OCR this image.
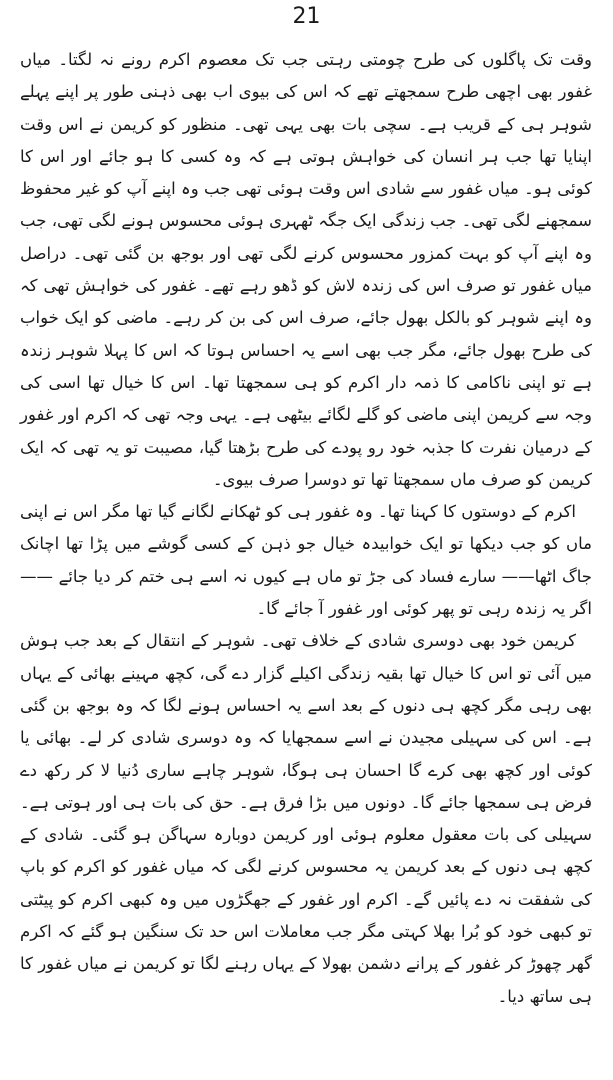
21

وقت تک پاگلوں کی طرح چومتی رہتی جب تک معصوم اکرم رونے نہ لگتا۔ میاں غفور بھی اچھی طرح سمجھتے تھے کہ اس کی بیوی اب بھی ذہنی طور پر اپنے پہلے شوہر ہی کے قریب ہے۔ سچی بات بھی یہی تھی۔ منظور کو کریمن نے اس وقت اپنایا تھا جب ہر انسان کی خواہش ہوتی ہے کہ وہ کسی کا ہو جائے اور اس کا کوئی ہو۔ میاں غفور سے شادی اس وقت ہوئی تھی جب وہ اپنے آپ کو غیر محفوظ سمجھنے لگی تھی۔ جب زندگی ایک جگہ ٹھہری ہوئی محسوس ہونے لگی تھی، جب وہ اپنے آپ کو بہت کمزور محسوس کرنے لگی تھی اور بوجھ بن گئی تھی۔ دراصل میاں غفور تو صرف اس کی زندہ لاش کو ڈھو رہے تھے۔ غفور کی خواہش تھی کہ وہ اپنے شوہر کو بالکل بھول جائے، صرف اس کی بن کر رہے۔ ماضی کو ایک خواب کی طرح بھول جائے، مگر جب بھی اسے یہ احساس ہوتا کہ اس کا پہلا شوہر زندہ ہے تو اپنی ناکامی کا ذمہ دار اکرم کو ہی سمجھتا تھا۔ اس کا خیال تھا اسی کی وجہ سے کریمن اپنی ماضی کو گلے لگائے بیٹھی ہے۔ یہی وجہ تھی کہ اکرم اور غفور کے درمیان نفرت کا جذبہ خود رو پودے کی طرح بڑھتا گیا، مصیبت تو یہ تھی کہ ایک کریمن کو صرف ماں سمجھتا تھا تو دوسرا صرف بیوی۔

اکرم کے دوستوں کا کہنا تھا۔ وہ غفور ہی کو ٹھکانے لگانے گیا تھا مگر اس نے اپنی ماں کو جب دیکھا تو ایک خوابیدہ خیال جو ذہن کے کسی گوشے میں پڑا تھا اچانک جاگ اٹھا—— سارے فساد کی جڑ تو ماں ہے کیوں نہ اسے ہی ختم کر دیا جائے —— اگر یہ زندہ رہی تو پھر کوئی اور غفور آ جائے گا۔

کریمن خود بھی دوسری شادی کے خلاف تھی۔ شوہر کے انتقال کے بعد جب ہوش میں آئی تو اس کا خیال تھا بقیہ زندگی اکیلے گزار دے گی، کچھ مہینے بھائی کے یہاں بھی رہی مگر کچھ ہی دنوں کے بعد اسے یہ احساس ہونے لگا کہ وہ بوجھ بن گئی ہے۔ اس کی سہیلی مجیدن نے اسے سمجھایا کہ وہ دوسری شادی کر لے۔ بھائی یا کوئی اور کچھ بھی کرے گا احسان ہی ہوگا، شوہر چاہے ساری دُنیا لا کر رکھ دے فرض ہی سمجھا جائے گا۔ دونوں میں بڑا فرق ہے۔ حق کی بات ہی اور ہوتی ہے۔ سہیلی کی بات معقول معلوم ہوئی اور کریمن دوبارہ سہاگن ہو گئی۔ شادی کے کچھ ہی دنوں کے بعد کریمن یہ محسوس کرنے لگی کہ میاں غفور کو اکرم کو باپ کی شفقت نہ دے پائیں گے۔ اکرم اور غفور کے جھگڑوں میں وہ کبھی اکرم کو پیٹتی تو کبھی خود کو بُرا بھلا کہتی مگر جب معاملات اس حد تک سنگین ہو گئے کہ اکرم گھر چھوڑ کر غفور کے پرانے دشمن بھولا کے یہاں رہنے لگا تو کریمن نے میاں غفور کا ہی ساتھ دیا۔
